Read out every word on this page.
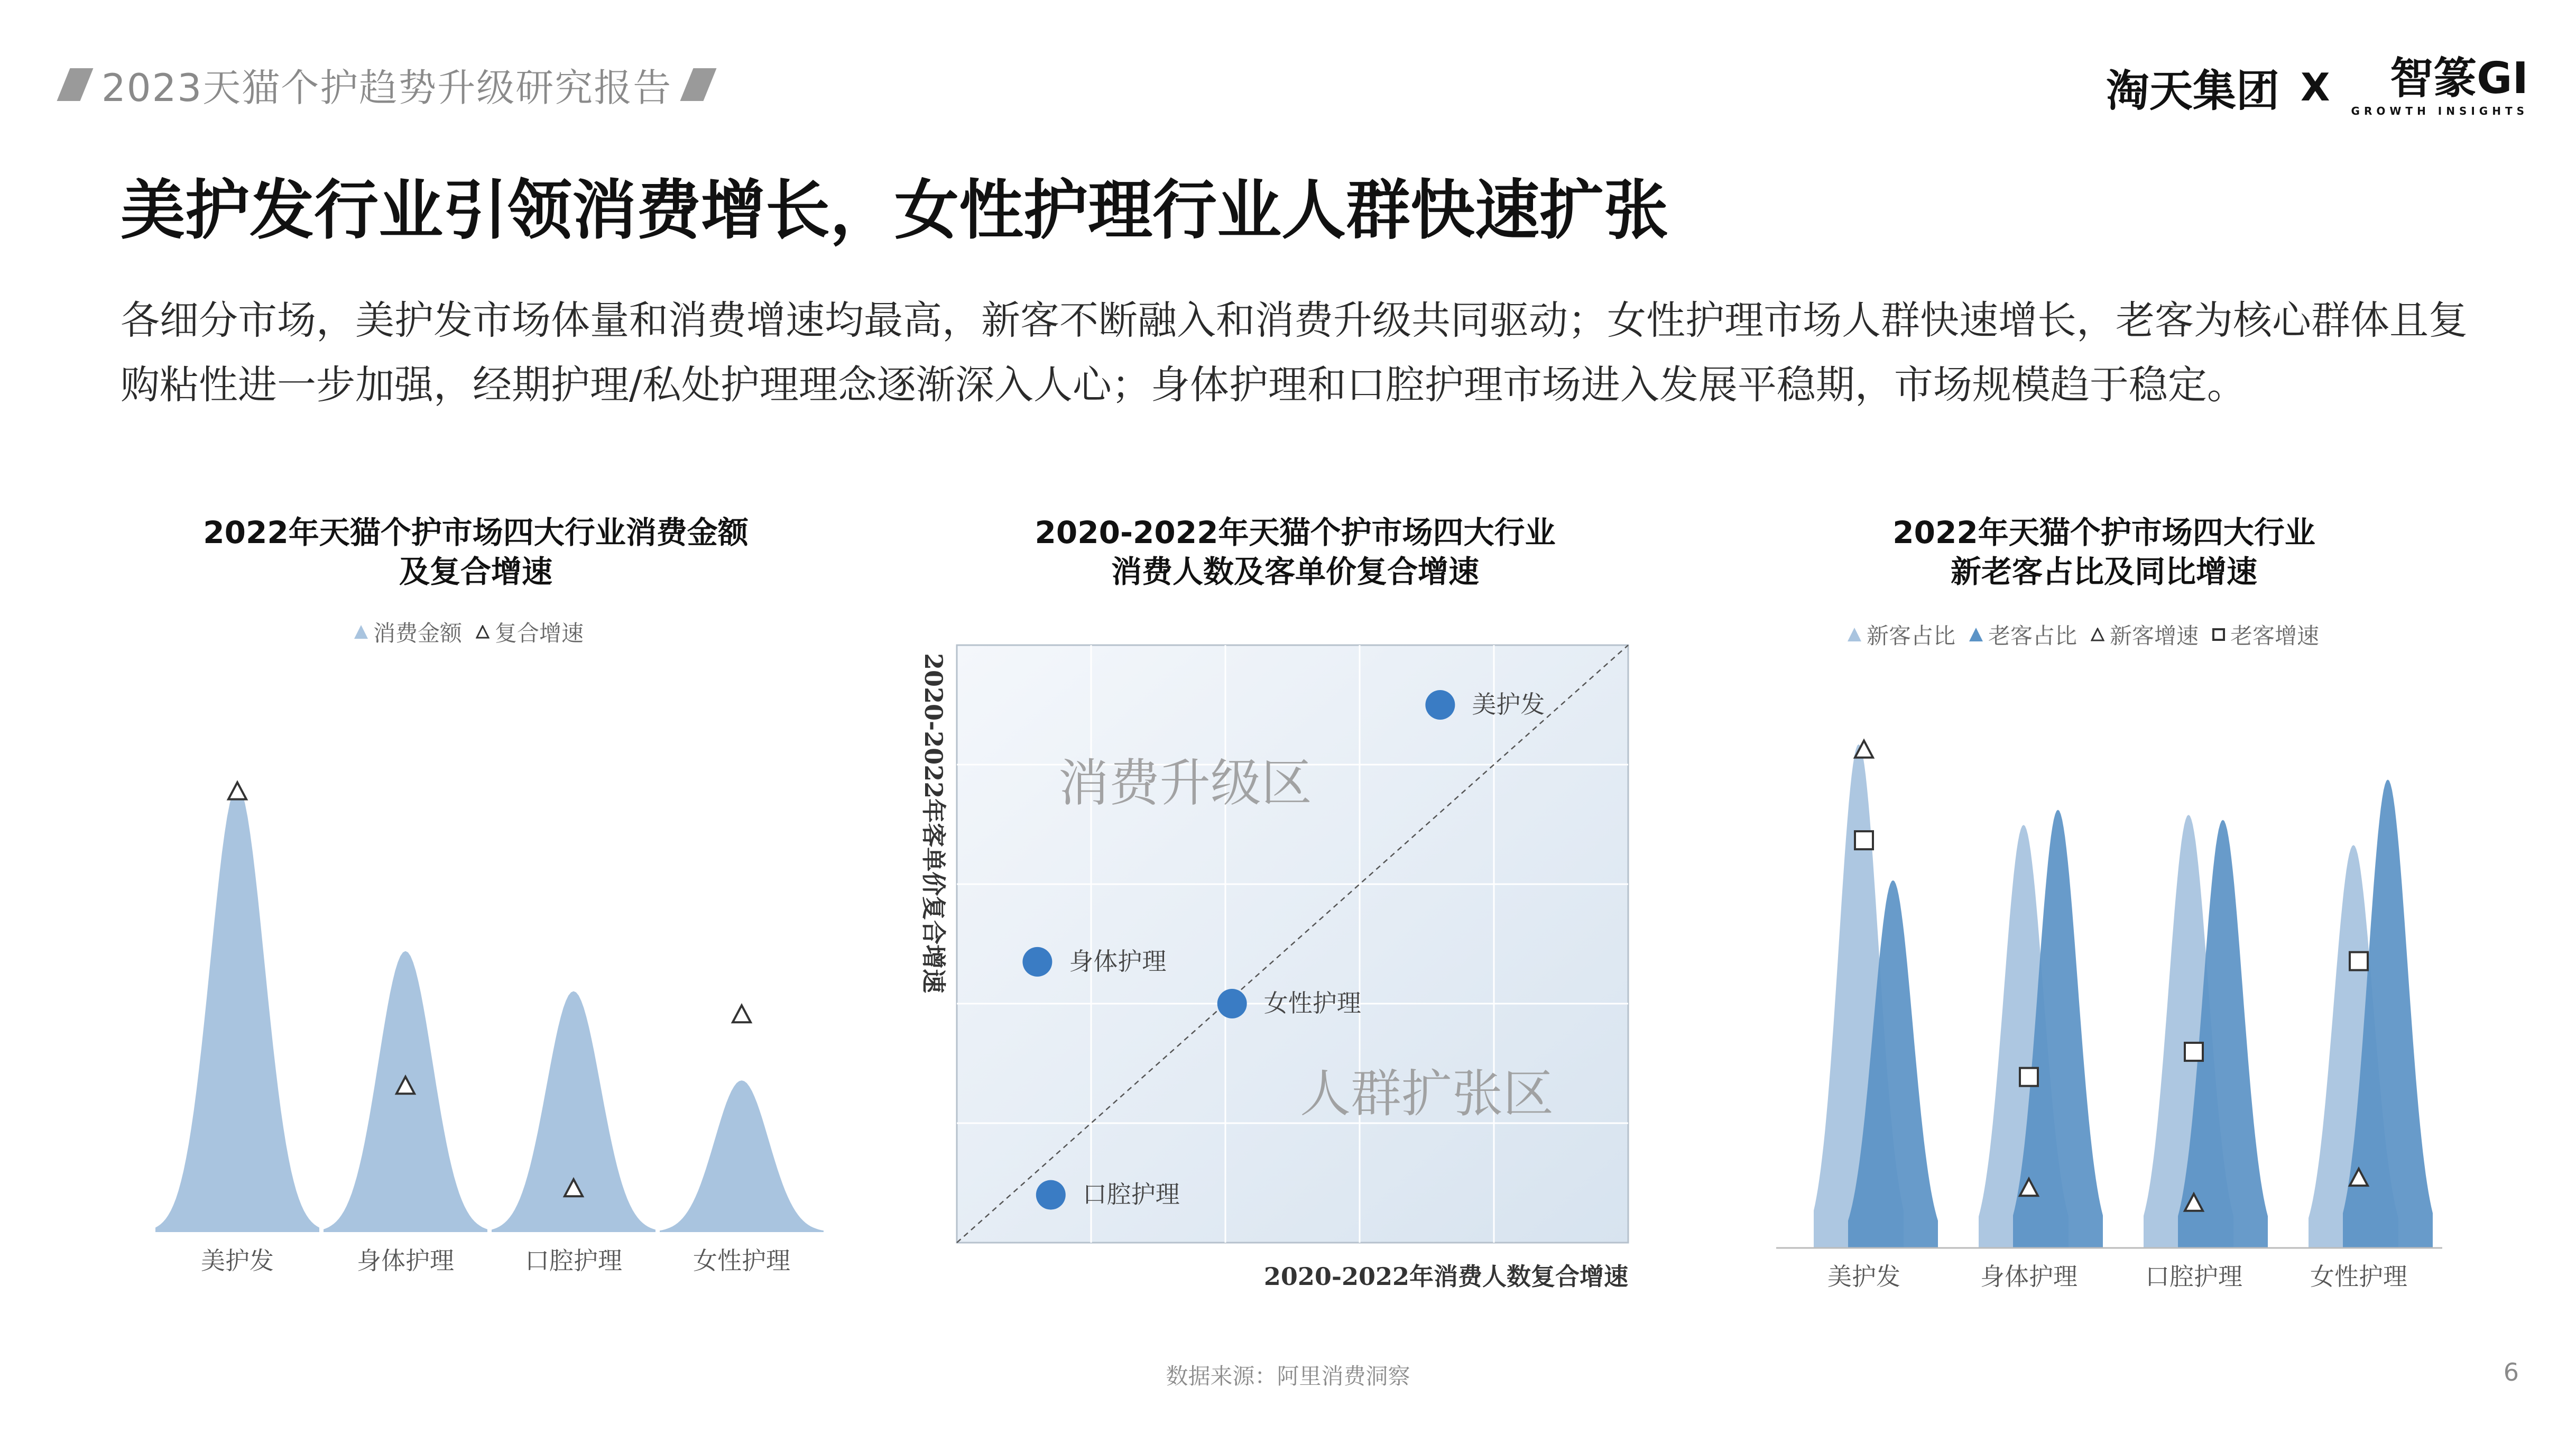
2023天猫个护趋势升级研究报告	淘天集团 X 智篆GI
GROWTH INSIGHTS
美护发行业引领消费增长，女性护理行业人群快速扩张
各细分市场，美护发市场体量和消费增速均最高，新客不断融入和消费升级共同驱动；女性护理市场人群快速增长，老客为核心群体且复购粘性进一步加强，经期护理/私处护理理念逐渐深入人心；身体护理和口腔护理市场进入发展平稳期，市场规模趋于稳定。
2022年天猫个护市场四大行业消费金额
及复合增速
消费金额 复合增速
美护发	身体护理	口腔护理	女性护理
2020-2022年天猫个护市场四大行业
消费人数及客单价复合增速
消费升级区
人群扩张区
美护发
身体护理
女性护理
口腔护理
2020-2022年消费人数复合增速
2020-2022年客单价复合增速
2022年天猫个护市场四大行业
新老客占比及同比增速
新客占比 老客占比 新客增速 老客增速
美护发	身体护理	口腔护理	女性护理
数据来源：阿里消费洞察	6
